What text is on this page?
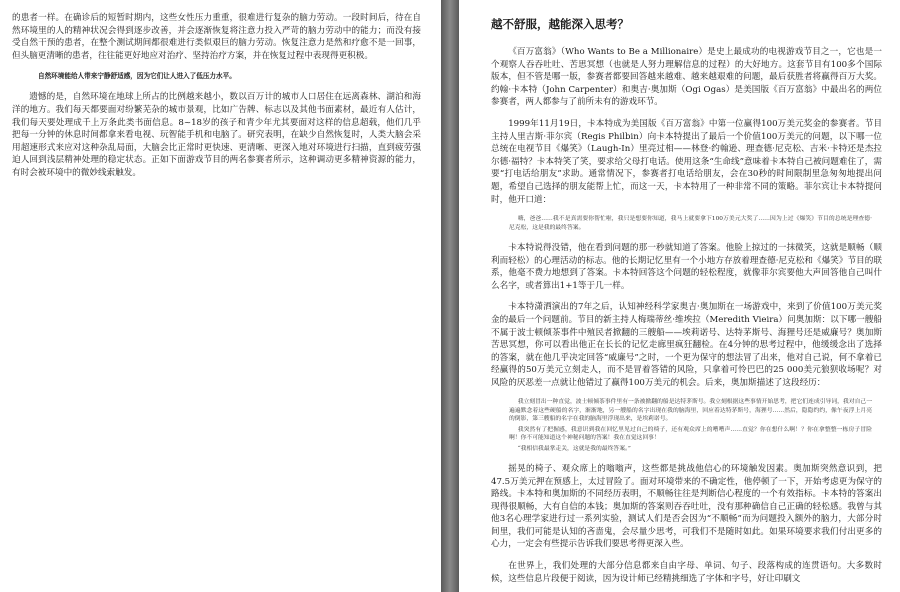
的患者一样。在确诊后的短暂时期内，这些女性压力重重，很难进行复杂的脑力劳动。一段时间后，待在自然环境里的人的精神状况会得到逐步改善，并会逐渐恢复将注意力投入严苛的脑力劳动中的能力；而没有接受自然干预的患者，在整个测试期间都很难进行类似艰巨的脑力劳动。恢复注意力是然和疗愈不是一回事，但头脑更清晰的患者，往往能更好地应对治疗、坚持治疗方案，并在恢复过程中表现得更积极。

自然环境能给人带来宁静舒适感，因为它们让人进入了低压力水平。

遗憾的是，自然环境在地球上所占的比例越来越小，数以百万计的城市人口居住在远离森林、湖泊和海洋的地方。我们每天都要面对纷繁芜杂的城市景观，比如广告牌、标志以及其他书面素材，最近有人估计，我们每天要处理成千上万条此类书面信息。8~18岁的孩子和青少年尤其要面对这样的信息超载，他们几乎把每一分钟的休息时间都拿来看电视、玩智能手机和电脑了。研究表明，在缺少自然恢复时，人类大脑会采用超速形式来应对这种杂乱局面，大脑会比正常时更快速、更清晰、更深入地对环境进行扫描，直到疲劳强迫人回到浅层精神处理的稳定状态。正如下面游戏节目的两名参赛者所示，这种调动更多精神资源的能力，有时会被环境中的微妙线索触发。

越不舒服，越能深入思考？

《百万富翁》（Who Wants to Be a Millionaire）是史上最成功的电视游戏节目之一，它也是一个观察人吞吞吐吐、苦思冥想（也就是人努力理解信息的过程）的大好地方。这套节目有100多个国际版本，但不管是哪一版，参赛者都要回答越来越难、越来越艰难的问题，最后获胜者将赢得百万大奖。约翰·卡本特（John Carpenter）和奥吉·奥加斯（Ogi Ogas）是美国版《百万富翁》中最出名的两位参赛者，两人都参与了前所未有的游戏环节。

1999年11月19日，卡本特成为美国版《百万富翁》中第一位赢得100万美元奖金的参赛者。节目主持人里吉斯·菲尔宾（Regis Philbin）向卡本特提出了最后一个价值100万美元的问题，以下哪一位总统在电视节目《爆笑》（Laugh-In）里亮过相——林登·约翰逊、理查德·尼克松、吉米·卡特还是杰拉尔德·福特？卡本特笑了笑，要求给父母打电话。使用这条“生命线”意味着卡本特自己被问题难住了，需要“打电话给朋友”求助。通常情况下，参赛者打电话给朋友，会在30秒的时间限制里急匆匆地提出问题，希望自己选择的朋友能帮上忙，而这一天，卡本特用了一种非常不同的策略。菲尔宾让卡本特提问时，他开口道：

嗨，爸爸……我不是真需要你帮忙啦，我只是想要你知道，我马上就要拿下100万美元大奖了……因为上过《爆笑》节目的总统是理查德·尼克松，这是我的最终答案。

卡本特说得没错，他在看到问题的那一秒就知道了答案。他脸上掠过的一抹微笑，这就是顺畅（顺利而轻松）的心理活动的标志。他的长期记忆里有一个小地方存放着理查德·尼克松和《爆笑》节目的联系，他毫不费力地想到了答案。卡本特回答这个问题的轻松程度，就像菲尔宾要他大声回答他自己叫什么名字，或者算出1+1等于几一样。

卡本特潇洒演出的7年之后，认知神经科学家奥吉·奥加斯在一场游戏中，来到了价值100万美元奖金的最后一个问题前。节目的新主持人梅瑞蒂丝·维埃拉（Meredith Vieira）问奥加斯：以下哪一艘船不属于波士顿倾茶事件中殖民者掀翻的三艘船——埃莉诺号、达特茅斯号、海狸号还是威廉号？奥加斯苦思冥想，你可以看出他正在长长的记忆走廊里疯狂翻检。在4分钟的思考过程中，他缓缓念出了选择的答案，就在他几乎决定回答“威廉号”之时，一个更为保守的想法冒了出来，他对自己说，何不拿着已经赢得的50万美元立刻走人，而不是冒着答错的风险，只拿着可怜巴巴的25 000美元狼狈收场呢？对风险的厌恶差一点就让他错过了赢得100万美元的机会。后来，奥加斯描述了这段经历：

我立刻冒出一种直觉，波士顿倾茶事件里有一条被掀翻的船是达特茅斯号。我立刻根据这些事情开始思考，把它们连成引导词，我对自己一遍遍默念着这些硬船的名字，渐渐地，另一艘船的名字出现在我的脑海里，回应着达特茅斯号，海狸号……然后，隐隐约约，像午夜浮上月亮的倒影，第三艘船的名字在我的脑海里浮现出来，是埃莉诺号。

我突然有了把握感，我意识到我在回忆里见过自己的椅子，还有观众席上的嘈嘈声……直觉？你在想什么啊！？你在拿整整一栋房子冒险啊！你不可能知道这个神秘问题的答案！我在直觉这回事！

“我相信我最掌走关，这就是我的最终答案。”

摇晃的椅子、观众席上的嗡嗡声，这些都是挑战他信心的环境触发因素。奥加斯突然意识到，把47.5万美元押在预感上，太过冒险了。面对环境带来的不确定性，他停顿了一下，开始考虑更为保守的路线。卡本特和奥加斯的不同经历表明，不顺畅往往是判断信心程度的一个有效指标。卡本特的答案出现得很顺畅，大有自信的本钱；奥加斯的答案则吞吞吐吐，没有那种确信自己正确的轻松感。我曾与其他3名心理学家进行过一系列实验，测试人们是否会因为“不顺畅”而为问题投入额外的脑力，大部分时间里，我们可能是认知的吝啬鬼，会尽量少思考，可我们不是随时如此。如果环境要求我们付出更多的心力，一定会有些提示告诉我们要思考得更深入些。

在世界上，我们处理的大部分信息都来自由字母、单词、句子、段落构成的连贯语句。大多数时候，这些信息片段便于阅读，因为设计师已经精挑细选了字体和字号，好让印刷文
